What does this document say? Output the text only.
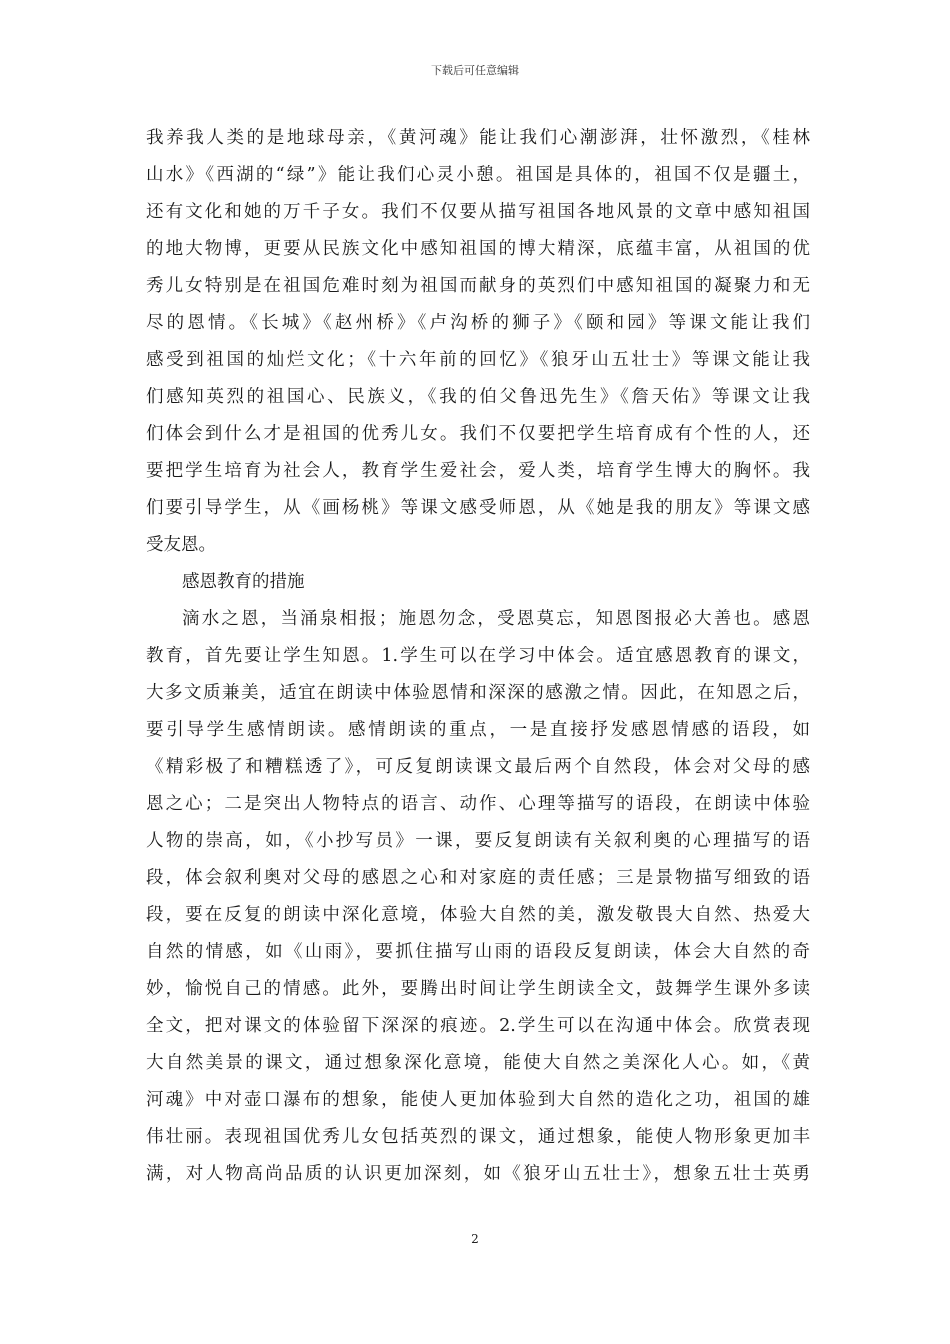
下载后可任意编辑
我养我人类的是地球母亲，《黄河魂》能让我们心潮澎湃，壮怀激烈，《桂林
山水》《西湖的“绿”》能让我们心灵小憩。祖国是具体的，祖国不仅是疆土，
还有文化和她的万千子女。我们不仅要从描写祖国各地风景的文章中感知祖国
的地大物博，更要从民族文化中感知祖国的博大精深，底蕴丰富，从祖国的优
秀儿女特别是在祖国危难时刻为祖国而献身的英烈们中感知祖国的凝聚力和无
尽的恩情。《长城》《赵州桥》《卢沟桥的狮子》《颐和园》等课文能让我们
感受到祖国的灿烂文化；《十六年前的回忆》《狼牙山五壮士》等课文能让我
们感知英烈的祖国心、民族义，《我的伯父鲁迅先生》《詹天佑》等课文让我
们体会到什么才是祖国的优秀儿女。我们不仅要把学生培育成有个性的人，还
要把学生培育为社会人，教育学生爱社会，爱人类，培育学生博大的胸怀。我
们要引导学生，从《画杨桃》等课文感受师恩，从《她是我的朋友》等课文感
受友恩。
感恩教育的措施
滴水之恩，当涌泉相报；施恩勿念，受恩莫忘，知恩图报必大善也。感恩
教育，首先要让学生知恩。1.学生可以在学习中体会。适宜感恩教育的课文，
大多文质兼美，适宜在朗读中体验恩情和深深的感激之情。因此，在知恩之后，
要引导学生感情朗读。感情朗读的重点，一是直接抒发感恩情感的语段，如
《精彩极了和糟糕透了》，可反复朗读课文最后两个自然段，体会对父母的感
恩之心；二是突出人物特点的语言、动作、心理等描写的语段，在朗读中体验
人物的崇高，如，《小抄写员》一课，要反复朗读有关叙利奥的心理描写的语
段，体会叙利奥对父母的感恩之心和对家庭的责任感；三是景物描写细致的语
段，要在反复的朗读中深化意境，体验大自然的美，激发敬畏大自然、热爱大
自然的情感，如《山雨》，要抓住描写山雨的语段反复朗读，体会大自然的奇
妙，愉悦自己的情感。此外，要腾出时间让学生朗读全文，鼓舞学生课外多读
全文，把对课文的体验留下深深的痕迹。2.学生可以在沟通中体会。欣赏表现
大自然美景的课文，通过想象深化意境，能使大自然之美深化人心。如，《黄
河魂》中对壶口瀑布的想象，能使人更加体验到大自然的造化之功，祖国的雄
伟壮丽。表现祖国优秀儿女包括英烈的课文，通过想象，能使人物形象更加丰
满，对人物高尚品质的认识更加深刻，如《狼牙山五壮士》，想象五壮士英勇
2
